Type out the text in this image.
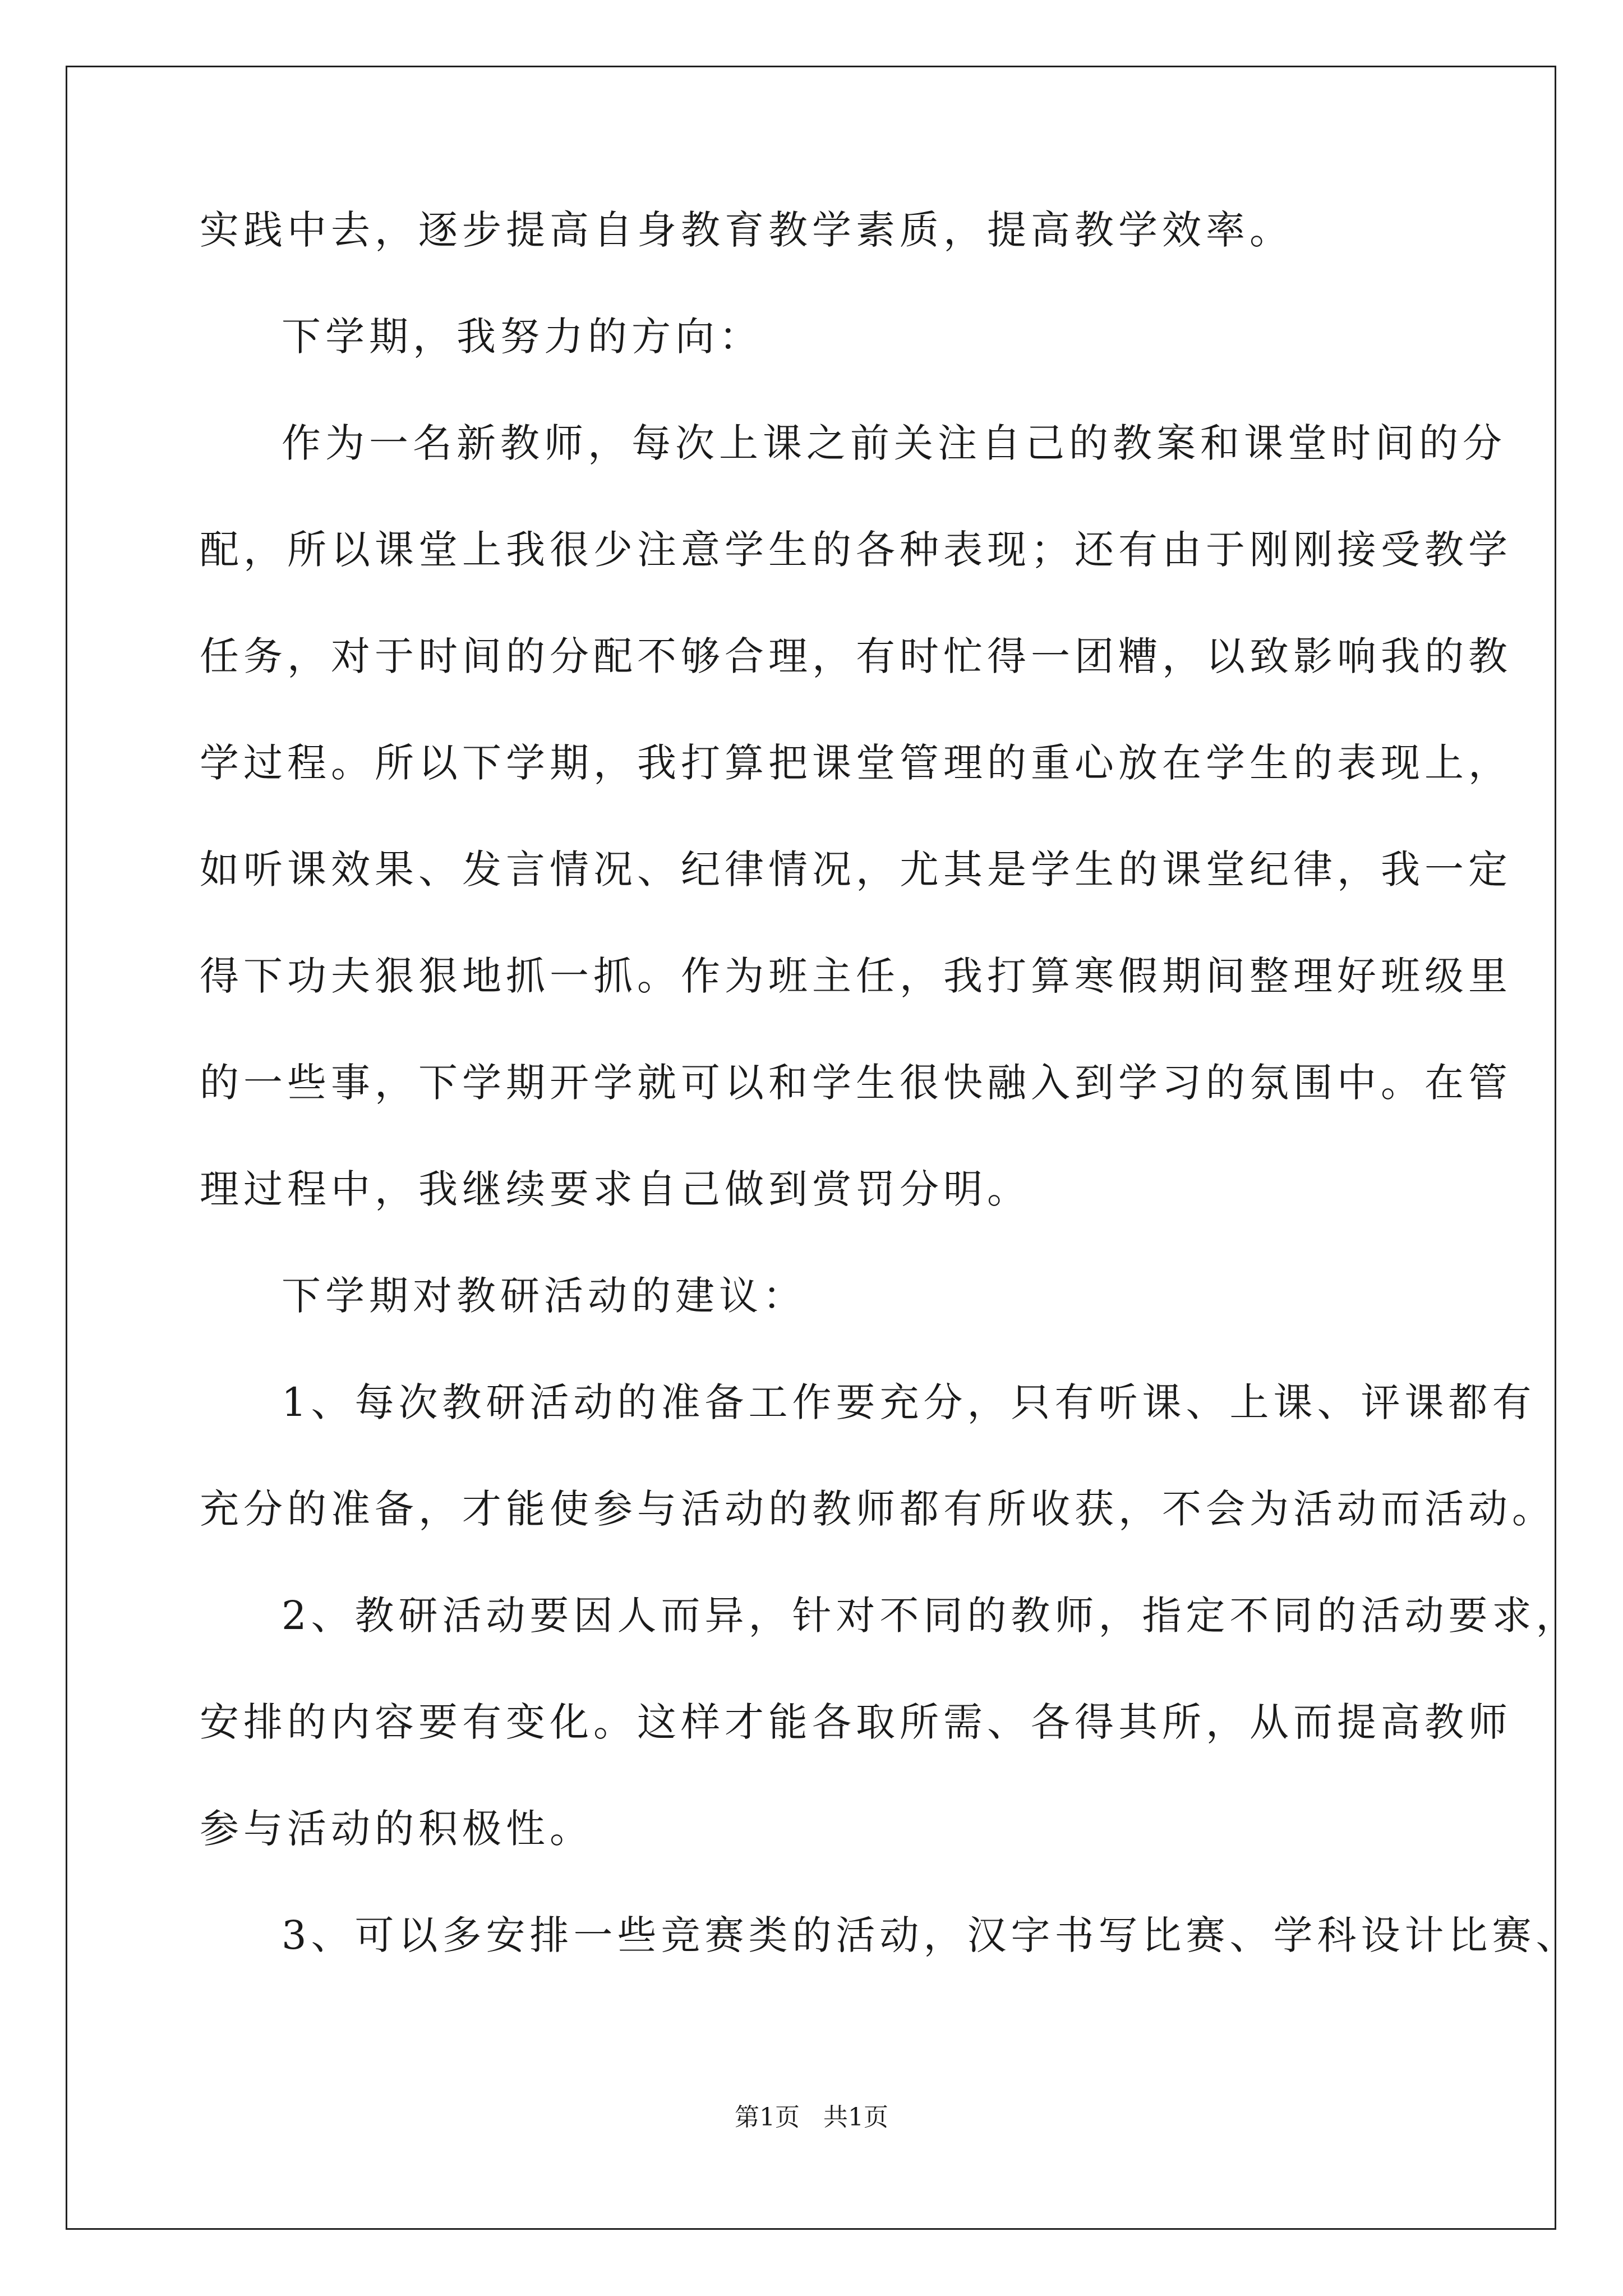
实践中去，逐步提高自身教育教学素质，提高教学效率。
下学期，我努力的方向：
作为一名新教师，每次上课之前关注自己的教案和课堂时间的分
配，所以课堂上我很少注意学生的各种表现；还有由于刚刚接受教学
任务，对于时间的分配不够合理，有时忙得一团糟，以致影响我的教
学过程。所以下学期，我打算把课堂管理的重心放在学生的表现上，
如听课效果、发言情况、纪律情况，尤其是学生的课堂纪律，我一定
得下功夫狠狠地抓一抓。作为班主任，我打算寒假期间整理好班级里
的一些事，下学期开学就可以和学生很快融入到学习的氛围中。在管
理过程中，我继续要求自己做到赏罚分明。
下学期对教研活动的建议：
1、每次教研活动的准备工作要充分，只有听课、上课、评课都有
充分的准备，才能使参与活动的教师都有所收获，不会为活动而活动。
2、教研活动要因人而异，针对不同的教师，指定不同的活动要求，
安排的内容要有变化。这样才能各取所需、各得其所，从而提高教师
参与活动的积极性。
3、可以多安排一些竞赛类的活动，汉字书写比赛、学科设计比赛、
第1页 共1页
